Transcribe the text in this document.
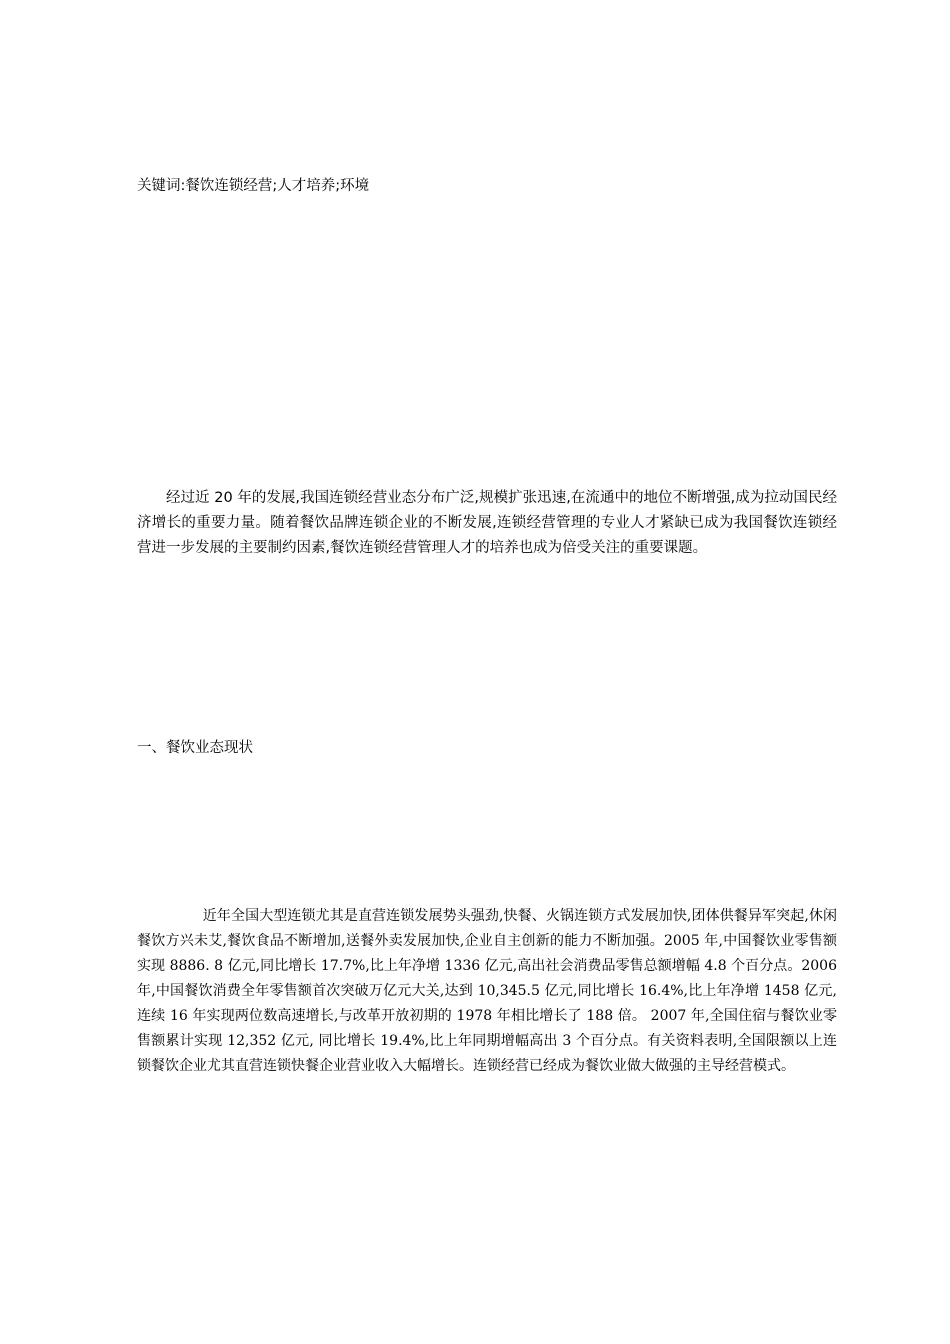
关键词:餐饮连锁经营;人才培养;环境

经过近 20 年的发展,我国连锁经营业态分布广泛,规模扩张迅速,在流通中的地位不断增强,成为拉动国民经济增长的重要力量。随着餐饮品牌连锁企业的不断发展,连锁经营管理的专业人才紧缺已成为我国餐饮连锁经营进一步发展的主要制约因素,餐饮连锁经营管理人才的培养也成为倍受关注的重要课题。

一、餐饮业态现状

近年全国大型连锁尤其是直营连锁发展势头强劲,快餐、火锅连锁方式发展加快,团体供餐异军突起,休闲餐饮方兴未艾,餐饮食品不断增加,送餐外卖发展加快,企业自主创新的能力不断加强。2005 年,中国餐饮业零售额实现 8886. 8 亿元,同比增长 17.7%,比上年净增 1336 亿元,高出社会消费品零售总额增幅 4.8 个百分点。2006 年,中国餐饮消费全年零售额首次突破万亿元大关,达到 10,345.5 亿元,同比增长 16.4%,比上年净增 1458 亿元,连续 16 年实现两位数高速增长,与改革开放初期的 1978 年相比增长了 188 倍。 2007 年,全国住宿与餐饮业零售额累计实现 12,352 亿元, 同比增长 19.4%,比上年同期增幅高出 3 个百分点。有关资料表明,全国限额以上连锁餐饮企业尤其直营连锁快餐企业营业收入大幅增长。连锁经营已经成为餐饮业做大做强的主导经营模式。
